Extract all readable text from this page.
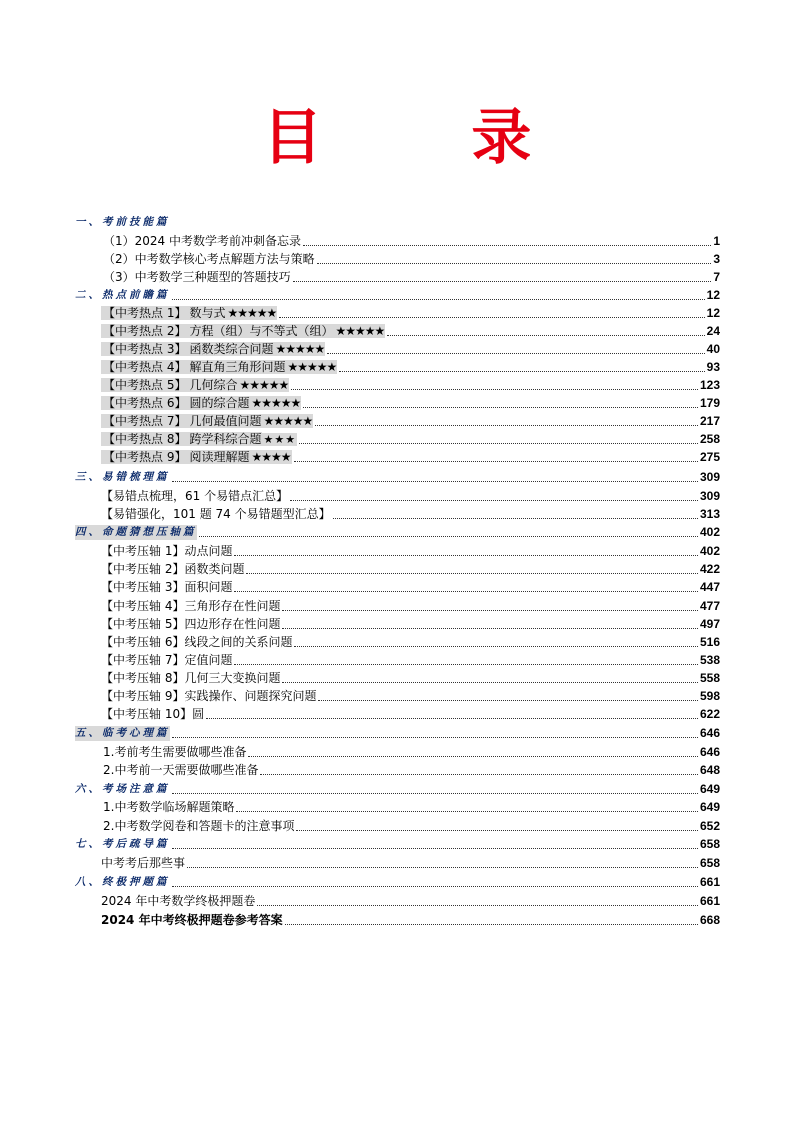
目 录
一、考前技能篇
（1）2024 中考数学考前冲刺备忘录	1
（2）中考数学核心考点解题方法与策略	3
（3）中考数学三种题型的答题技巧	7
二、热点前瞻篇	12
【中考热点 1】 数与式 ★★★★★	12
【中考热点 2】 方程（组）与不等式（组） ★★★★★	24
【中考热点 3】 函数类综合问题 ★★★★★	40
【中考热点 4】 解直角三角形问题 ★★★★★	93
【中考热点 5】 几何综合 ★★★★★	123
【中考热点 6】 圆的综合题 ★★★★★	179
【中考热点 7】 几何最值问题 ★★★★★	217
【中考热点 8】 跨学科综合题 ★★★	258
【中考热点 9】 阅读理解题 ★★★★	275
三、易错梳理篇	309
【易错点梳理，61 个易错点汇总】	309
【易错强化，101 题 74 个易错题型汇总】	313
四、命题猜想压轴篇	402
【中考压轴 1】动点问题	402
【中考压轴 2】函数类问题	422
【中考压轴 3】面积问题	447
【中考压轴 4】三角形存在性问题	477
【中考压轴 5】四边形存在性问题	497
【中考压轴 6】线段之间的关系问题	516
【中考压轴 7】定值问题	538
【中考压轴 8】几何三大变换问题	558
【中考压轴 9】实践操作、问题探究问题	598
【中考压轴 10】圆	622
五、临考心理篇	646
1.考前考生需要做哪些准备	646
2.中考前一天需要做哪些准备	648
六、考场注意篇	649
1.中考数学临场解题策略	649
2.中考数学阅卷和答题卡的注意事项	652
七、考后疏导篇	658
中考考后那些事	658
八、终极押题篇	661
2024 年中考数学终极押题卷	661
2024 年中考终极押题卷参考答案	668
